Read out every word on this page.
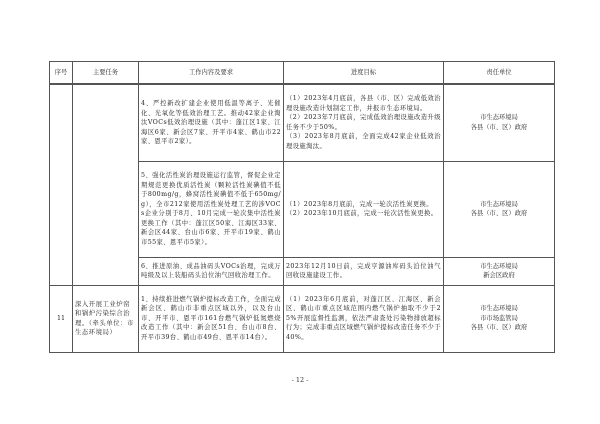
序号	主要任务	工作内容及要求	进度目标	责任单位
		4、严控新改扩建企业使用低温等离子、光催化、光氧化等低效治理工艺。推动42家企业淘汰VOCs低效治理设施（其中：蓬江区1家、江海区6家、新会区7家、开平市4家、鹤山市22家、恩平市2家）。	（1）2023年4月底前，各县（市、区）完成低效治理设施改造计划制定工作，并报市生态环境局。
（2）2023年7月底前，完成低效治理设施改造升级任务不少于50%。
（3）2023年8月底前，全面完成42家企业低效治理设施淘汰。	市生态环境局
各县（市、区）政府

		5、强化活性炭治理设施运行监管，督促企业定期规范更换优质活性炭（颗粒活性炭碘值不低于800mg/g，蜂窝活性炭碘值不低于650mg/g），全市212家使用活性炭处理工艺的涉VOCs企业分别于8月、10月完成一轮次集中活性炭更换工作（其中：蓬江区50家、江海区33家、新会区44家、台山市6家、开平市19家、鹤山市55家、恩平市5家）。	（1）2023年8月底前，完成一轮次活性炭更换。
（2）2023年10月底前，完成一轮次活性炭更换。	市生态环境局
各县（市、区）政府

		6、推进原油、成品油码头VOCs治理，完成万吨级及以上装船码头泊位油气回收治理工作。	2023年12月10日前，完成亨源油库码头泊位油气回收设施建设工作。	市生态环境局
新会区政府

11	深入开展工业炉窑和锅炉污染综合治理。（牵头单位：市生态环境局）	1、持续推进燃气锅炉提标改造工作，全面完成新会区、鹤山市非重点区域以外，以及台山市、开平市、恩平市161台燃气锅炉低氮燃烧改造工作（其中：新会区51台、台山市8台、开平市39台、鹤山市49台、恩平市14台）。	（1）2023年6月底前，对蓬江区、江海区、新会区、鹤山市重点区域范围内燃气锅炉抽取不少于25%开展监督性监测，依法严肃查处污染物排放超标行为；完成非重点区域燃气锅炉提标改造任务不少于40%。	市生态环境局
市市场监管局
各县（市、区）政府
- 12 -
